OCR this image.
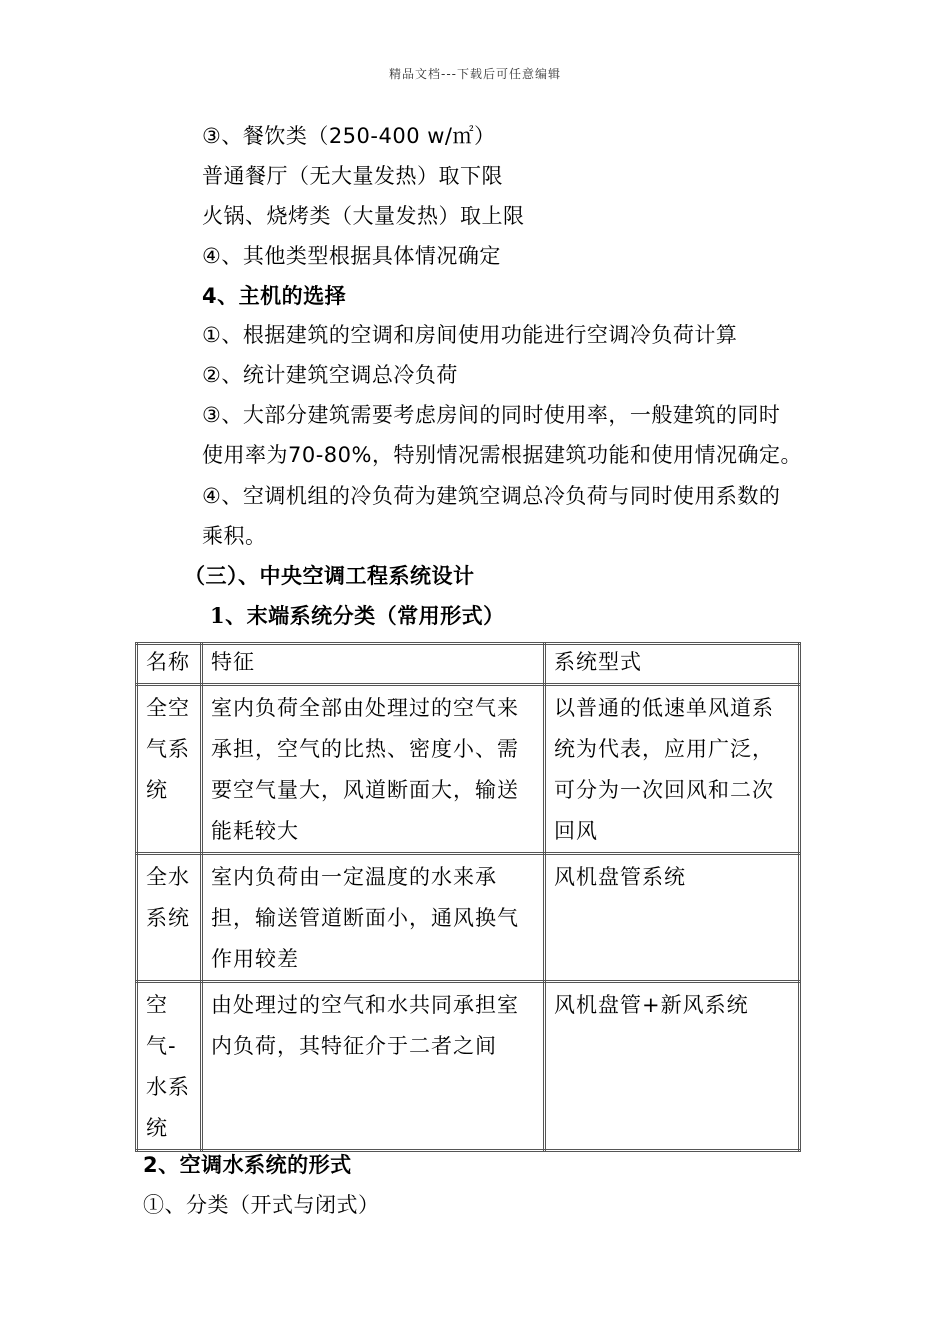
精品文档---下载后可任意编辑
③、餐饮类（250-400 w/㎡）
普通餐厅（无大量发热）取下限
火锅、烧烤类（大量发热）取上限
④、其他类型根据具体情况确定
4、主机的选择
①、根据建筑的空调和房间使用功能进行空调冷负荷计算
②、统计建筑空调总冷负荷
③、大部分建筑需要考虑房间的同时使用率，一般建筑的同时
使用率为70-80%，特别情况需根据建筑功能和使用情况确定。
④、空调机组的冷负荷为建筑空调总冷负荷与同时使用系数的
乘积。
（三）、中央空调工程系统设计
1、末端系统分类（常用形式）
名称	特征	系统型式
全空气系统	室内负荷全部由处理过的空气来承担，空气的比热、密度小、需要空气量大，风道断面大，输送能耗较大	以普通的低速单风道系统为代表，应用广泛，可分为一次回风和二次回风
全水系统	室内负荷由一定温度的水来承担，输送管道断面小，通风换气作用较差	风机盘管系统
空气-水系统	由处理过的空气和水共同承担室内负荷，其特征介于二者之间	风机盘管+新风系统
2、空调水系统的形式
①、分类（开式与闭式）
